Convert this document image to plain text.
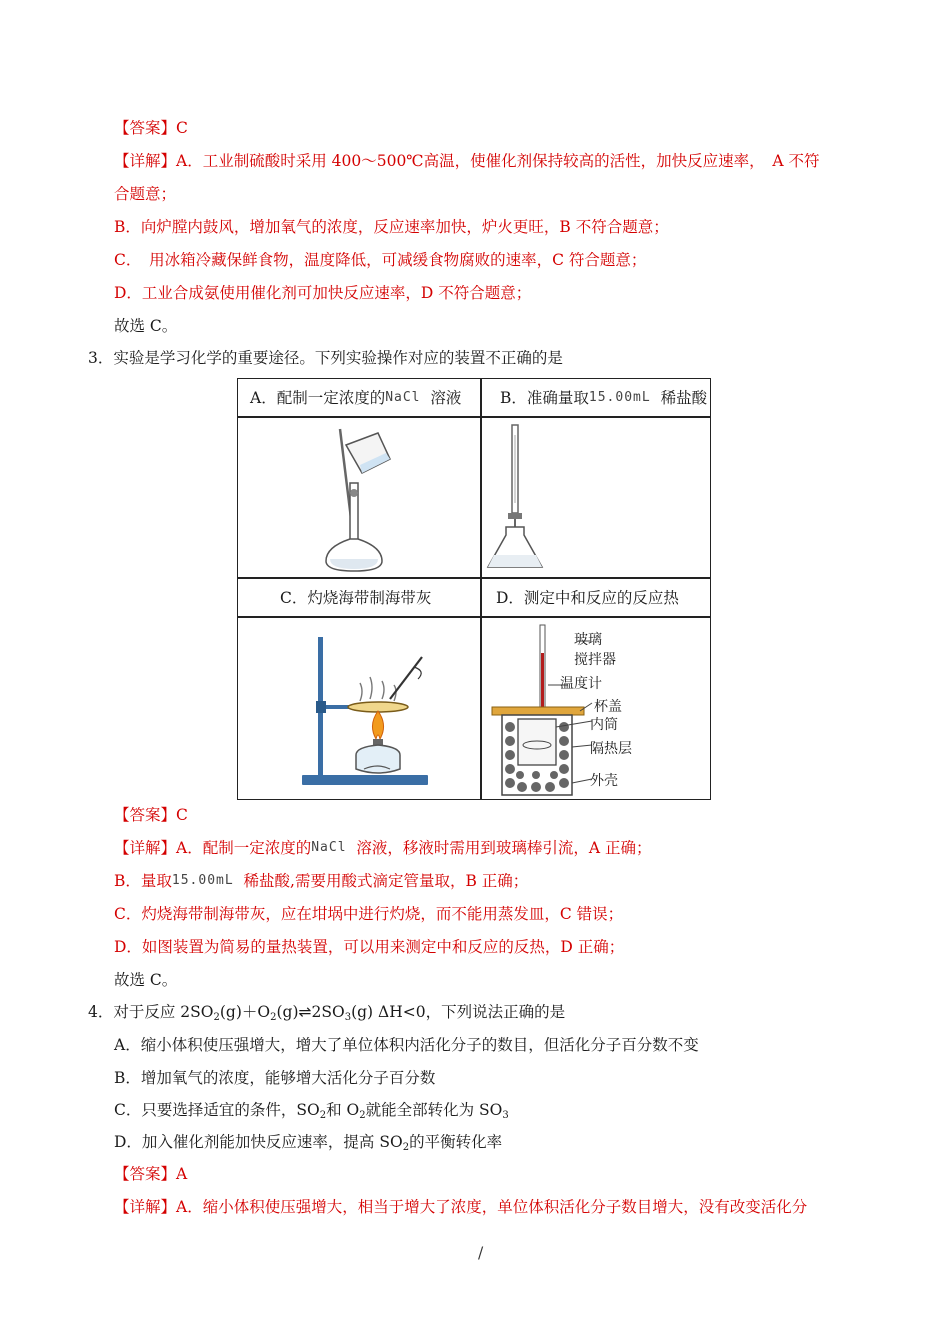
【答案】C
【详解】A．工业制硫酸时采用 400～500℃高温，使催化剂保持较高的活性，加快反应速率，　A 不符
合题意；
B．向炉膛内鼓风，增加氧气的浓度，反应速率加快，炉火更旺，B 不符合题意；
C．　用冰箱冷藏保鲜食物，温度降低，可减缓食物腐败的速率，C 符合题意；
D．工业合成氨使用催化剂可加快反应速率，D 不符合题意；
故选 C。
3．实验是学习化学的重要途径。下列实验操作对应的装置不正确的是
A．配制一定浓度的NaCl 溶液 B．准确量取15.00mL 稀盐酸
C．灼烧海带制海带灰	D．测定中和反应的反应热
玻璃
搅拌器
温度计
杯盖
内筒
隔热层
外壳
【答案】C
【详解】A．配制一定浓度的NaCl 溶液，移液时需用到玻璃棒引流，A 正确；
B．量取15.00mL 稀盐酸,需要用酸式滴定管量取，B 正确；
C．灼烧海带制海带灰，应在坩埚中进行灼烧，而不能用蒸发皿，C 错误；
D．如图装置为简易的量热装置，可以用来测定中和反应的反热，D 正确；
故选 C。
4．对于反应 $2SO_2(g)+O_2(g)\rightleftharpoons 2SO_3(g)$ ΔH<0，下列说法正确的是
A．缩小体积使压强增大，增大了单位体积内活化分子的数目，但活化分子百分数不变
B．增加氧气的浓度，能够增大活化分子百分数
C．只要选择适宜的条件，$SO_2$和 $O_2$就能全部转化为 $SO_3$
D．加入催化剂能加快反应速率，提高 $SO_2$的平衡转化率
【答案】A
【详解】A．缩小体积使压强增大，相当于增大了浓度，单位体积活化分子数目增大，没有改变活化分
/
